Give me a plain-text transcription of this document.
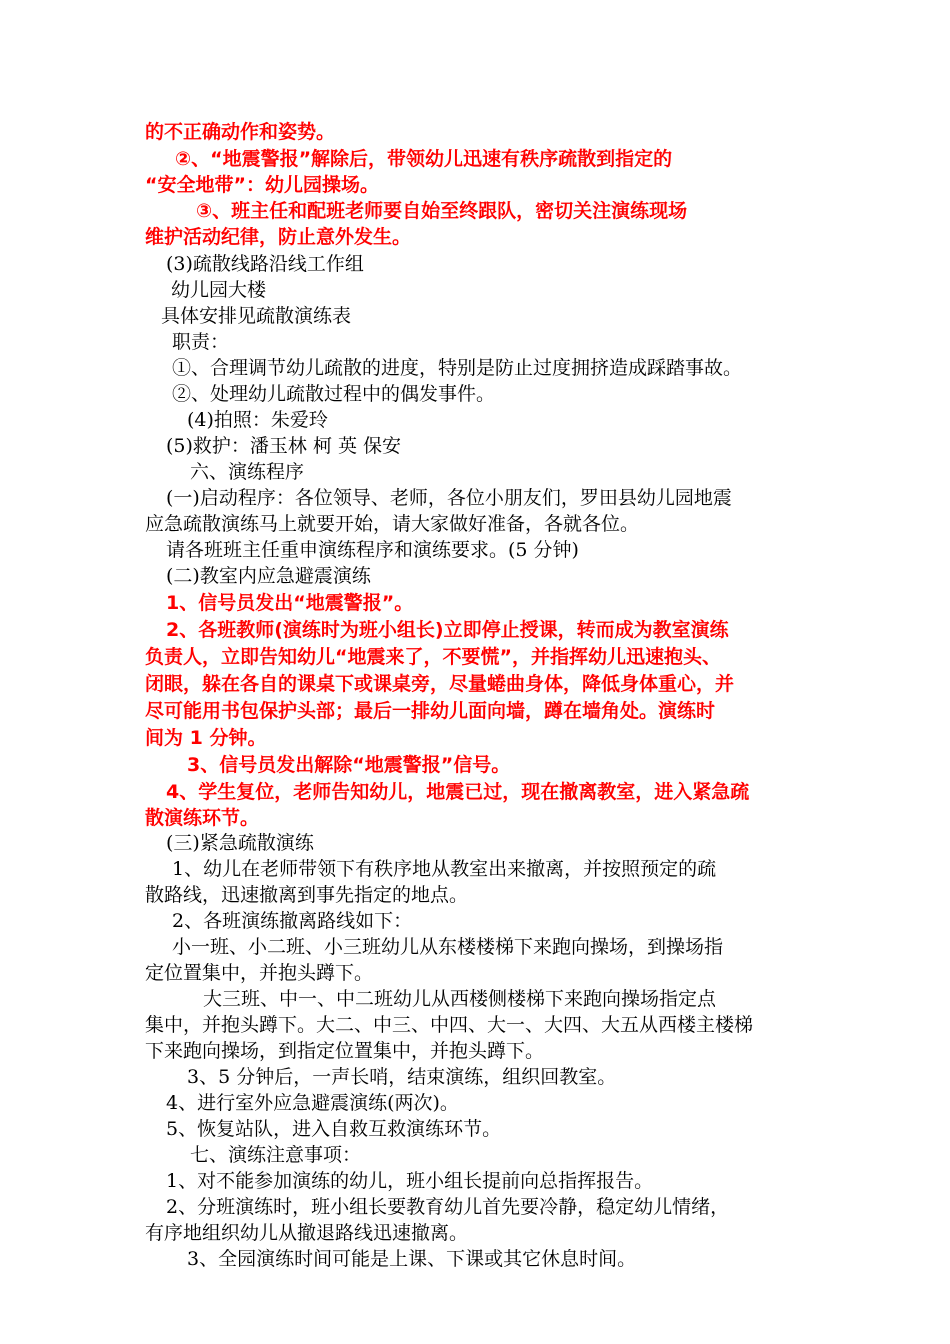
的不正确动作和姿势。
②、“地震警报”解除后，带领幼儿迅速有秩序疏散到指定的
“安全地带”：幼儿园操场。
③、班主任和配班老师要自始至终跟队，密切关注演练现场
维护活动纪律，防止意外发生。
(3)疏散线路沿线工作组
幼儿园大楼
具体安排见疏散演练表
职责：
①、合理调节幼儿疏散的进度，特别是防止过度拥挤造成踩踏事故。
②、处理幼儿疏散过程中的偶发事件。
(4)拍照：朱爱玲
(5)救护：潘玉林 柯 英 保安
六、演练程序
(一)启动程序：各位领导、老师，各位小朋友们，罗田县幼儿园地震
应急疏散演练马上就要开始，请大家做好准备，各就各位。
请各班班主任重申演练程序和演练要求。(5 分钟)
(二)教室内应急避震演练
1、信号员发出“地震警报”。
2、各班教师(演练时为班小组长)立即停止授课，转而成为教室演练
负责人，立即告知幼儿“地震来了，不要慌”，并指挥幼儿迅速抱头、
闭眼，躲在各自的课桌下或课桌旁，尽量蜷曲身体，降低身体重心，并
尽可能用书包保护头部；最后一排幼儿面向墙，蹲在墙角处。演练时
间为 1 分钟。
3、信号员发出解除“地震警报”信号。
4、学生复位，老师告知幼儿，地震已过，现在撤离教室，进入紧急疏
散演练环节。
(三)紧急疏散演练
1、幼儿在老师带领下有秩序地从教室出来撤离，并按照预定的疏
散路线，迅速撤离到事先指定的地点。
2、各班演练撤离路线如下：
小一班、小二班、小三班幼儿从东楼楼梯下来跑向操场，到操场指
定位置集中，并抱头蹲下。
大三班、中一、中二班幼儿从西楼侧楼梯下来跑向操场指定点
集中，并抱头蹲下。大二、中三、中四、大一、大四、大五从西楼主楼梯
下来跑向操场，到指定位置集中，并抱头蹲下。
3、5 分钟后，一声长哨，结束演练，组织回教室。
4、进行室外应急避震演练(两次)。
5、恢复站队，进入自救互救演练环节。
七、演练注意事项：
1、对不能参加演练的幼儿，班小组长提前向总指挥报告。
2、分班演练时，班小组长要教育幼儿首先要冷静，稳定幼儿情绪，
有序地组织幼儿从撤退路线迅速撤离。
3、全园演练时间可能是上课、下课或其它休息时间。
